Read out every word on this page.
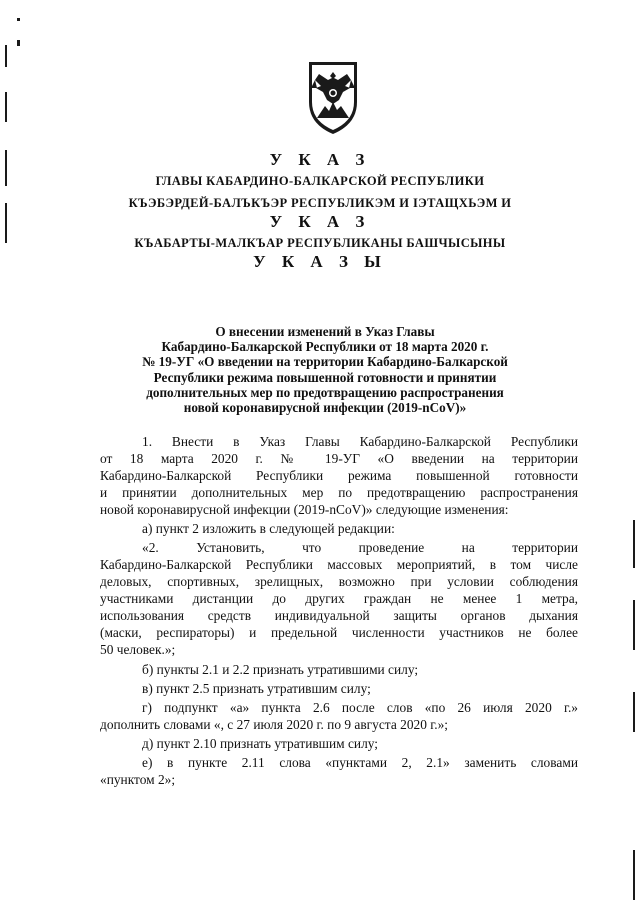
У К А З
ГЛАВЫ КАБАРДИНО-БАЛКАРСКОЙ РЕСПУБЛИКИ
КЪЭБЭРДЕЙ-БАЛЪКЪЭР РЕСПУБЛИКЭМ И ІЭТАЩХЬЭМ И
У К А З
КЪАБАРТЫ-МАЛКЪАР РЕСПУБЛИКАНЫ БАШЧЫСЫНЫ
У К А З Ы
О внесении изменений в Указ Главы
Кабардино-Балкарской Республики от 18 марта 2020 г.
№ 19-УГ «О введении на территории Кабардино-Балкарской
Республики режима повышенной готовности и принятии
дополнительных мер по предотвращению распространения
новой коронавирусной инфекции (2019-nCoV)»
1. Внести в Указ Главы Кабардино-Балкарской Республики
от 18 марта 2020 г. № 19-УГ «О введении на территории
Кабардино-Балкарской Республики режима повышенной готовности
и принятии дополнительных мер по предотвращению распространения
новой коронавирусной инфекции (2019-nCoV)» следующие изменения:
а) пункт 2 изложить в следующей редакции:
«2. Установить, что проведение на территории
Кабардино-Балкарской Республики массовых мероприятий, в том числе
деловых, спортивных, зрелищных, возможно при условии соблюдения
участниками дистанции до других граждан не менее 1 метра,
использования средств индивидуальной защиты органов дыхания
(маски, респираторы) и предельной численности участников не более
50 человек.»;
б) пункты 2.1 и 2.2 признать утратившими силу;
в) пункт 2.5 признать утратившим силу;
г) подпункт «а» пункта 2.6 после слов «по 26 июля 2020 г.»
дополнить словами «, с 27 июля 2020 г. по 9 августа 2020 г.»;
д) пункт 2.10 признать утратившим силу;
е) в пункте 2.11 слова «пунктами 2, 2.1» заменить словами
«пунктом 2»;
